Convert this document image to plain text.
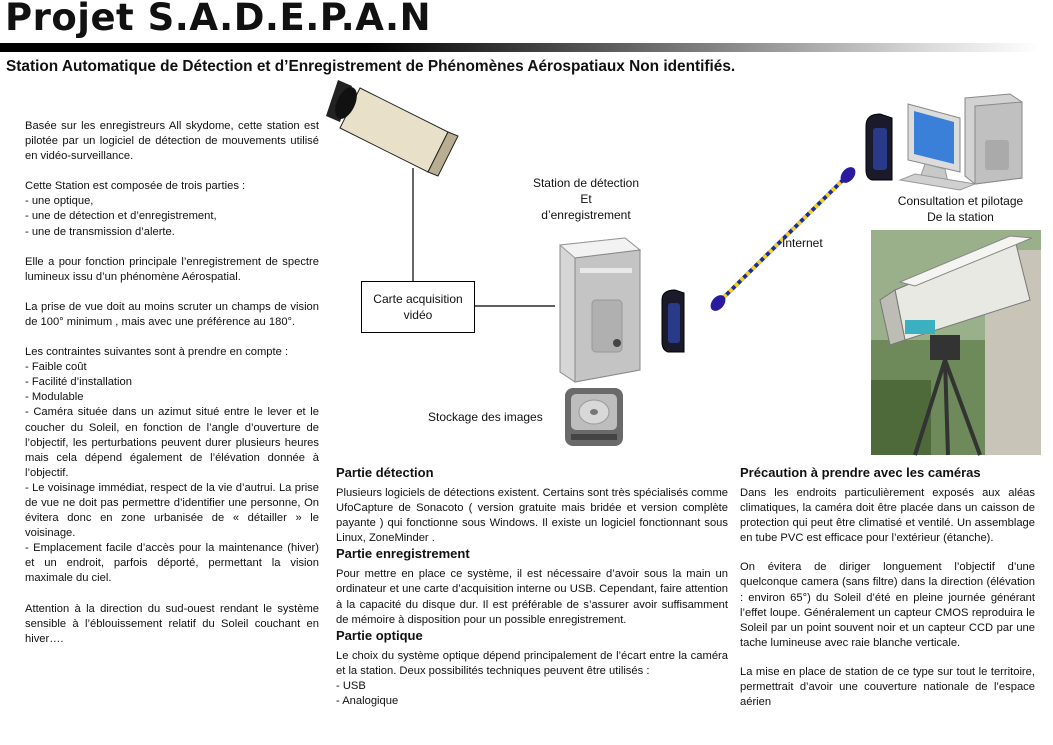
Projet S.A.D.E.P.A.N
Station Automatique de Détection et d’Enregistrement de Phénomènes Aérospatiaux Non identifiés.

Basée sur les enregistreurs All skydome, cette station est pilotée par un logiciel de détection de mouvements utilisé en vidéo-surveillance.

Cette Station est composée de trois parties :
- une optique,
- une de détection et d’enregistrement,
- une de transmission d’alerte.

Elle a pour fonction principale l’enregistrement de spectre lumineux issu d’un phénomène Aérospatial.

La prise de vue doit au moins scruter un champs de vision de 100° minimum , mais avec une préférence au 180°.

Les contraintes suivantes sont à prendre en compte :
- Faible coût
- Facilité d’installation
- Modulable
- Caméra située dans un azimut situé entre le lever et le coucher du Soleil, en fonction de l’angle d’ouverture de l’objectif, les perturbations peuvent durer plusieurs heures mais cela dépend également de l’élévation donnée à l’objectif.
- Le voisinage immédiat, respect de la vie d’autrui. La prise de vue ne doit pas permettre d’identifier une personne, On évitera donc en zone urbanisée de « détailler » le voisinage.
- Emplacement facile d’accès pour la maintenance (hiver) et un endroit, parfois déporté, permettant la vision maximale du ciel.

Attention à la direction du sud-ouest rendant le système sensible à l’éblouissement relatif du Soleil couchant en hiver….

Station de détection
Et
d’enregistrement
Carte acquisition
vidéo
Stockage des images
Internet
Consultation et pilotage
De la station
Partie détection

Plusieurs logiciels de détections existent. Certains sont très spécialisés comme UfoCapture de Sonacoto ( version gratuite mais bridée et version complète payante ) qui fonctionne sous Windows. Il existe un logiciel fonctionnant sous Linux, ZoneMinder .

Partie enregistrement

Pour mettre en place ce système, il est nécessaire d’avoir sous la main un ordinateur et une carte d’acquisition interne ou USB. Cependant, faire attention à la capacité du disque dur. Il est préférable de s’assurer avoir suffisamment de mémoire à disposition pour un possible enregistrement.

Partie optique

Le choix du système optique dépend principalement de l’écart entre la caméra et la station. Deux possibilités techniques peuvent être utilisés :

- USB
- Analogique

Précaution à prendre avec les caméras

Dans les endroits particulièrement exposés aux aléas climatiques, la caméra doit être placée dans un caisson de protection qui peut être climatisé et ventilé. Un assemblage en tube PVC est efficace pour l’extérieur (étanche).

On évitera de diriger longuement l’objectif d’une quelconque camera (sans filtre) dans la direction (élévation : environ 65°) du Soleil d’été en pleine journée générant l’effet loupe. Généralement un capteur CMOS reproduira le Soleil par un point souvent noir et un capteur CCD par une tache lumineuse avec raie blanche verticale.

La mise en place de station de ce type sur tout le territoire, permettrait d’avoir une couverture nationale de l’espace aérien
